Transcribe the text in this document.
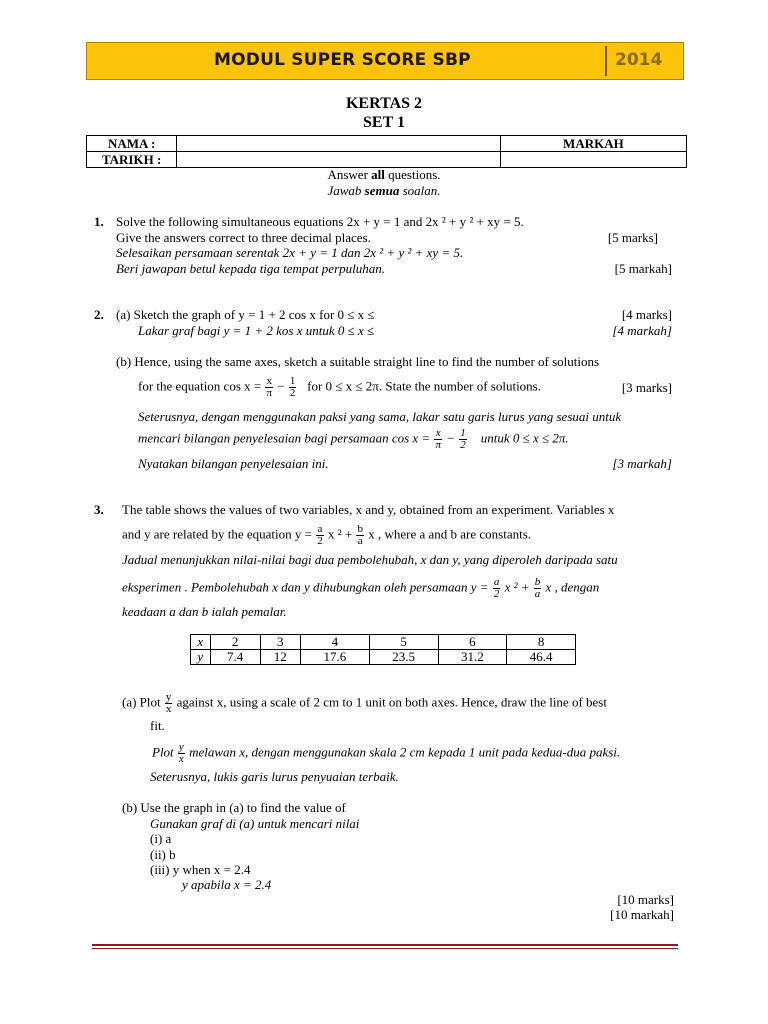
MODUL SUPER SCORE SBP	2014
KERTAS 2
SET 1
NAMA :		MARKAH
TARIKH :		
Answer all questions.
Jawab semua soalan.
1. Solve the following simultaneous equations 2x + y = 1 and 2x ² + y ² + xy = 5.
Give the answers correct to three decimal places.	[5 marks]
Selesaikan persamaan serentak 2x + y = 1 dan 2x ² + y ² + xy = 5.
Beri jawapan betul kepada tiga tempat perpuluhan.	[5 markah]
2. (a) Sketch the graph of y = 1 + 2 cos x for 0 ≤ x ≤	[4 marks]
Lakar graf bagi y = 1 + 2 kos x untuk 0 ≤ x ≤	[4 markah]
(b) Hence, using the same axes, sketch a suitable straight line to find the number of solutions
for the equation $\cos x = \frac{x}{\pi} - \frac{1}{2}$ for 0 ≤ x ≤ 2π. State the number of solutions.	[3 marks]
Seterusnya, dengan menggunakan paksi yang sama, lakar satu garis lurus yang sesuai untuk
mencari bilangan penyelesaian bagi persamaan $\cos x = \frac{x}{\pi} - \frac{1}{2}$ untuk 0 ≤ x ≤ 2π.
Nyatakan bilangan penyelesaian ini.	[3 markah]
3. The table shows the values of two variables, x and y, obtained from an experiment. Variables x
and y are related by the equation $y = \frac{a}{2}$ x $^2 + \frac{b}{a}$ x , where a and b are constants.
Jadual menunjukkan nilai-nilai bagi dua pembolehubah, x dan y, yang diperoleh daripada satu
eksperimen . Pembolehubah x dan y dihubungkan oleh persamaan $y = \frac{a}{2}$ x $^2 + \frac{b}{a}$ x , dengan
keadaan a dan b ialah pemalar.
x	2	3	4	5	6	8
y	7.4	12	17.6	23.5	31.2	46.4
(a) Plot $\frac{y}{x}$ against x, using a scale of 2 cm to 1 unit on both axes. Hence, draw the line of best
fit.
Plot $\frac{y}{x}$ melawan x, dengan menggunakan skala 2 cm kepada 1 unit pada kedua-dua paksi.
Seterusnya, lukis garis lurus penyuaian terbaik.
(b) Use the graph in (a) to find the value of
Gunakan graf di (a) untuk mencari nilai
(i) a
(ii) b
(iii) y when x = 2.4
y apabila x = 2.4
[10 marks]
[10 markah]
